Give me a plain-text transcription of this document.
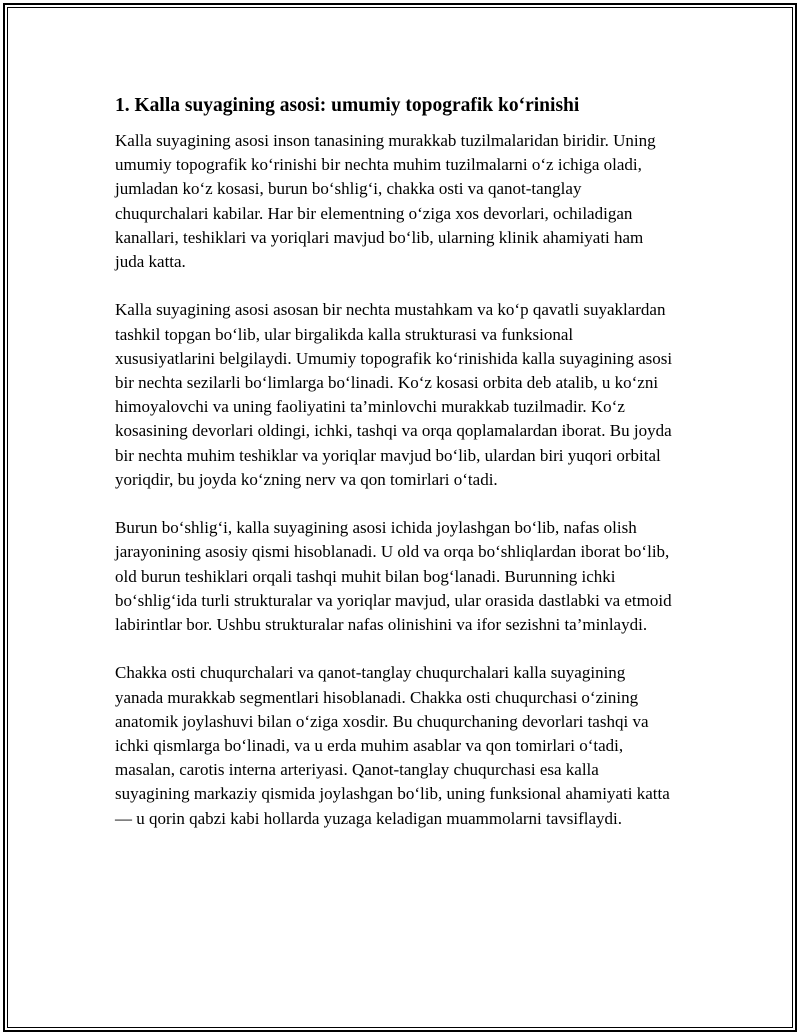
1. Kalla suyagining asosi: umumiy topografik ko‘rinishi

Kalla suyagining asosi inson tanasining murakkab tuzilmalaridan biridir. Uning umumiy topografik ko‘rinishi bir nechta muhim tuzilmalarni o‘z ichiga oladi, jumladan ko‘z kosasi, burun bo‘shlig‘i, chakka osti va qanot-tanglay chuqurchalari kabilar. Har bir elementning o‘ziga xos devorlari, ochiladigan kanallari, teshiklari va yoriqlari mavjud bo‘lib, ularning klinik ahamiyati ham juda katta.

Kalla suyagining asosi asosan bir nechta mustahkam va ko‘p qavatli suyaklardan tashkil topgan bo‘lib, ular birgalikda kalla strukturasi va funksional xususiyatlarini belgilaydi. Umumiy topografik ko‘rinishida kalla suyagining asosi bir nechta sezilarli bo‘limlarga bo‘linadi. Ko‘z kosasi orbita deb atalib, u ko‘zni himoyalovchi va uning faoliyatini ta’minlovchi murakkab tuzilmadir. Ko‘z kosasining devorlari oldingi, ichki, tashqi va orqa qoplamalardan iborat. Bu joyda bir nechta muhim teshiklar va yoriqlar mavjud bo‘lib, ulardan biri yuqori orbital yoriqdir, bu joyda ko‘zning nerv va qon tomirlari o‘tadi.

Burun bo‘shlig‘i, kalla suyagining asosi ichida joylashgan bo‘lib, nafas olish jarayonining asosiy qismi hisoblanadi. U old va orqa bo‘shliqlardan iborat bo‘lib, old burun teshiklari orqali tashqi muhit bilan bog‘lanadi. Burunning ichki bo‘shlig‘ida turli strukturalar va yoriqlar mavjud, ular orasida dastlabki va etmoid labirintlar bor. Ushbu strukturalar nafas olinishini va ifor sezishni ta’minlaydi.

Chakka osti chuqurchalari va qanot-tanglay chuqurchalari kalla suyagining yanada murakkab segmentlari hisoblanadi. Chakka osti chuqurchasi o‘zining anatomik joylashuvi bilan o‘ziga xosdir. Bu chuqurchaning devorlari tashqi va ichki qismlarga bo‘linadi, va u erda muhim asablar va qon tomirlari o‘tadi, masalan, carotis interna arteriyasi. Qanot-tanglay chuqurchasi esa kalla suyagining markaziy qismida joylashgan bo‘lib, uning funksional ahamiyati katta — u qorin qabzi kabi hollarda yuzaga keladigan muammolarni tavsiflaydi.
